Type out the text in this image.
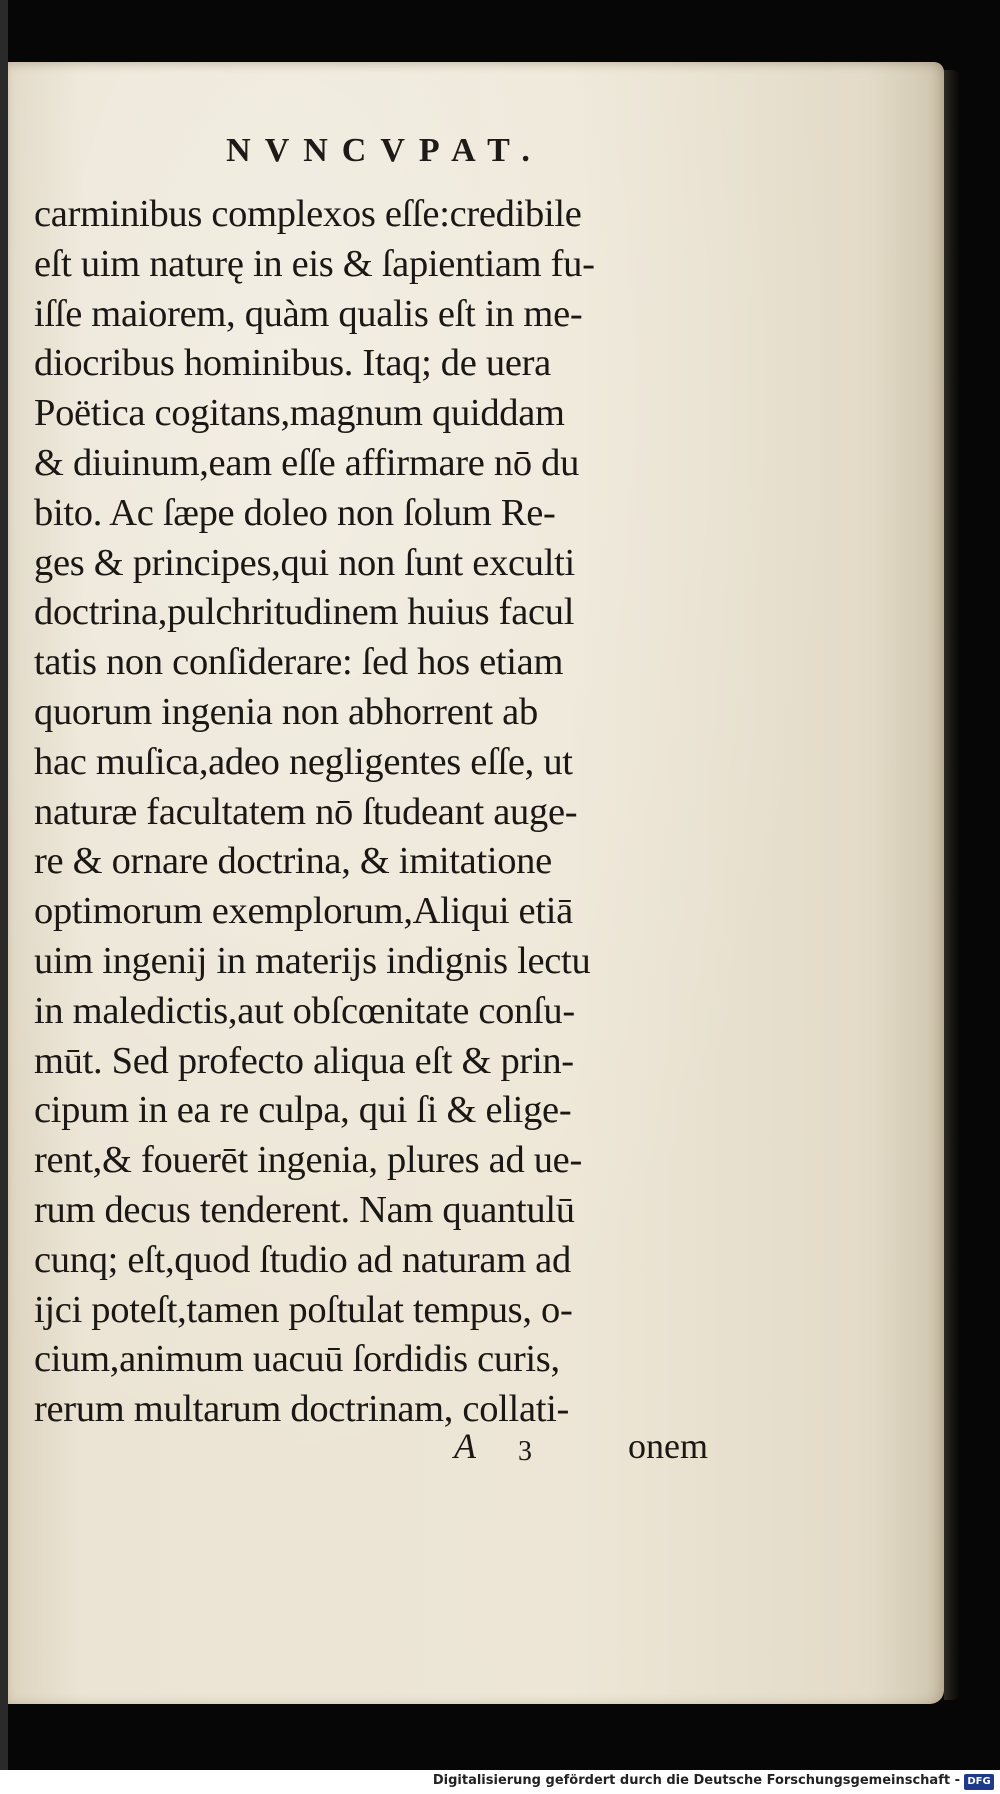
NVNCVPAT.
carminibus complexos eſſe:credibile
eſt uim naturę in eis & ſapientiam fu-
iſſe maiorem, quàm qualis eſt in me-
diocribus hominibus. Itaq; de uera
Poëtica cogitans,magnum quiddam
& diuinum,eam eſſe affirmare nō du
bito. Ac ſæpe doleo non ſolum Re-
ges & principes,qui non ſunt exculti
doctrina,pulchritudinem huius facul
tatis non conſiderare: ſed hos etiam
quorum ingenia non abhorrent ab
hac muſica,adeo negligentes eſſe, ut
naturæ facultatem nō ſtudeant auge-
re & ornare doctrina, & imitatione
optimorum exemplorum,Aliqui etiā
uim ingenij in materijs indignis lectu
in maledictis,aut obſcœnitate conſu-
mūt. Sed profecto aliqua eſt & prin-
cipum in ea re culpa, qui ſi & elige-
rent,& fouerēt ingenia, plures ad ue-
rum decus tenderent. Nam quantulū
cunq; eſt,quod ſtudio ad naturam ad
ijci poteſt,tamen poſtulat tempus, o-
cium,animum uacuū ſordidis curis,
rerum multarum doctrinam, collati-
A 3	onem
Digitalisierung gefördert durch die Deutsche Forschungsgemeinschaft - DFG
